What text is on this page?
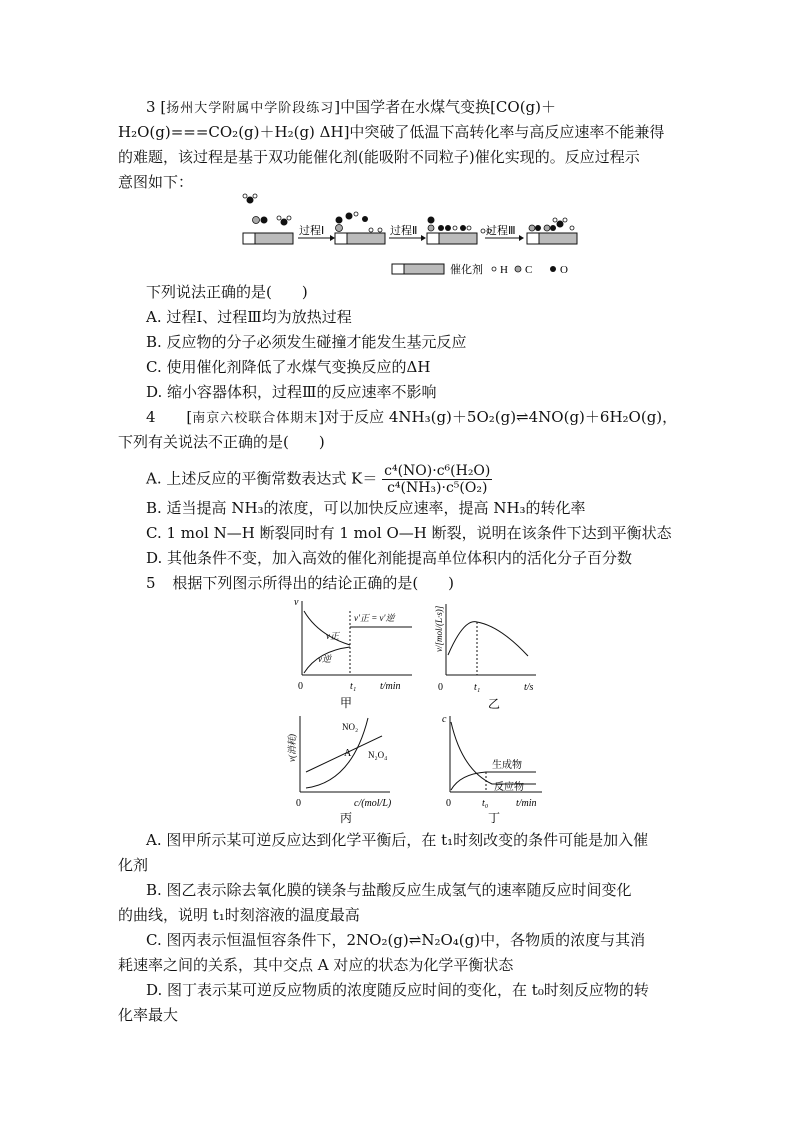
3 [扬州大学附属中学阶段练习]中国学者在水煤气变换[CO(g)＋
H₂O(g)===CO₂(g)＋H₂(g) ΔH]中突破了低温下高转化率与高反应速率不能兼得
的难题，该过程是基于双功能催化剂(能吸附不同粒子)催化实现的。反应过程示
意图如下：
过程Ⅰ	过程Ⅱ	过程Ⅲ
催化剂 H C	O
下列说法正确的是(　　)
A. 过程Ⅰ、过程Ⅲ均为放热过程
B. 反应物的分子必须发生碰撞才能发生基元反应
C. 使用催化剂降低了水煤气变换反应的ΔH
D. 缩小容器体积，过程Ⅲ的反应速率不影响
4 [南京六校联合体期末]对于反应 4NH₃(g)＋5O₂(g)⇌4NO(g)＋6H₂O(g)，
下列有关说法不正确的是(　　)
A. 上述反应的平衡常数表达式 $K= \frac{\text{c⁴(NO)·c⁶(H₂O)}}{\text{c⁴(NH₃)·c⁵(O₂)}}$
B. 适当提高 NH₃的浓度，可以加快反应速率，提高 NH₃的转化率
C. 1 mol N—H 断裂同时有 1 mol O—H 断裂，说明在该条件下达到平衡状态
D. 其他条件不变，加入高效的催化剂能提高单位体积内的活化分子百分数
5 根据下列图示所得出的结论正确的是(　　)
v
0	t/min
t₁
v′正 = v′逆
v正
v逆
甲
v/[mol/(L·s)]
0	t/s
t₁
乙
v(消耗)
0	c/(mol/L)
NO₂
A N₂O₄
丙
c
0	t/min
t₀
生成物
反应物
丁
A. 图甲所示某可逆反应达到化学平衡后，在 t₁时刻改变的条件可能是加入催
化剂
B. 图乙表示除去氧化膜的镁条与盐酸反应生成氢气的速率随反应时间变化
的曲线，说明 t₁时刻溶液的温度最高
C. 图丙表示恒温恒容条件下，2NO₂(g)⇌N₂O₄(g)中，各物质的浓度与其消
耗速率之间的关系，其中交点 A 对应的状态为化学平衡状态
D. 图丁表示某可逆反应物质的浓度随反应时间的变化，在 t₀时刻反应物的转
化率最大
